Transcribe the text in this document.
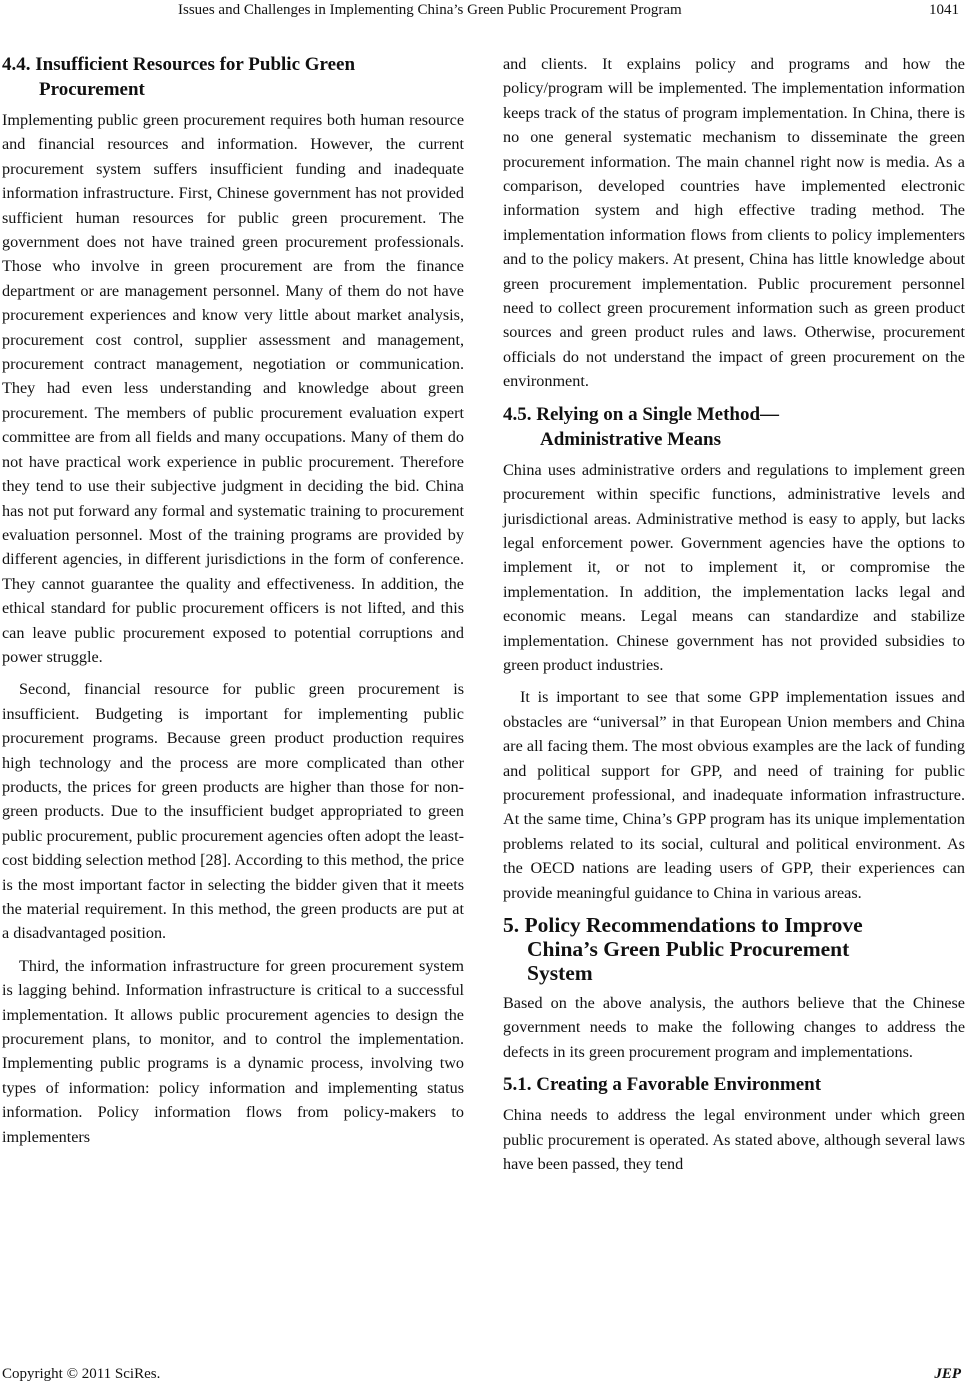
Issues and Challenges in Implementing China’s Green Public Procurement Program	1041
4.4. Insufficient Resources for Public Green
Procurement

Implementing public green procurement requires both human resource and financial resources and information. However, the current procurement system suffers insufficient funding and inadequate information infrastructure. First, Chinese government has not provided sufficient human resources for public green procurement. The government does not have trained green procurement professionals. Those who involve in green procurement are from the finance department or are management personnel. Many of them do not have procurement experiences and know very little about market analysis, procurement cost control, supplier assessment and management, procurement contract management, negotiation or communication. They had even less understanding and knowledge about green procurement. The members of public procurement evaluation expert committee are from all fields and many occupations. Many of them do not have practical work experience in public procurement. Therefore they tend to use their subjective judgment in deciding the bid. China has not put forward any formal and systematic training to procurement evaluation personnel. Most of the training programs are provided by different agencies, in different jurisdictions in the form of conference. They cannot guarantee the quality and effectiveness. In addition, the ethical standard for public procurement officers is not lifted, and this can leave public procurement exposed to potential corruptions and power struggle.

Second, financial resource for public green procurement is insufficient. Budgeting is important for implementing public procurement programs. Because green product production requires high technology and the process are more complicated than other products, the prices for green products are higher than those for non-green products. Due to the insufficient budget appropriated to green public procurement, public procurement agencies often adopt the least-cost bidding selection method [28]. According to this method, the price is the most important factor in selecting the bidder given that it meets the material requirement. In this method, the green products are put at a disadvantaged position.

Third, the information infrastructure for green procurement system is lagging behind. Information infrastructure is critical to a successful implementation. It allows public procurement agencies to design the procurement plans, to monitor, and to control the implementation. Implementing public programs is a dynamic process, involving two types of information: policy information and implementing status information. Policy information flows from policy-makers to implementers

and clients. It explains policy and programs and how the policy/program will be implemented. The implementation information keeps track of the status of program implementation. In China, there is no one general systematic mechanism to disseminate the green procurement information. The main channel right now is media. As a comparison, developed countries have implemented electronic information system and high effective trading method. The implementation information flows from clients to policy implementers and to the policy makers. At present, China has little knowledge about green procurement implementation. Public procurement personnel need to collect green procurement information such as green product sources and green product rules and laws. Otherwise, procurement officials do not understand the impact of green procurement on the environment.

4.5. Relying on a Single Method—
Administrative Means

China uses administrative orders and regulations to implement green procurement within specific functions, administrative levels and jurisdictional areas. Administrative method is easy to apply, but lacks legal enforcement power. Government agencies have the options to implement it, or not to implement it, or compromise the implementation. In addition, the implementation lacks legal and economic means. Legal means can standardize and stabilize implementation. Chinese government has not provided subsidies to green product industries.

It is important to see that some GPP implementation issues and obstacles are “universal” in that European Union members and China are all facing them. The most obvious examples are the lack of funding and political support for GPP, and need of training for public procurement professional, and inadequate information infrastructure. At the same time, China’s GPP program has its unique implementation problems related to its social, cultural and political environment. As the OECD nations are leading users of GPP, their experiences can provide meaningful guidance to China in various areas.

5. Policy Recommendations to Improve
China’s Green Public Procurement
System

Based on the above analysis, the authors believe that the Chinese government needs to make the following changes to address the defects in its green procurement program and implementations.

5.1. Creating a Favorable Environment

China needs to address the legal environment under which green public procurement is operated. As stated above, although several laws have been passed, they tend

Copyright © 2011 SciRes.	JEP
